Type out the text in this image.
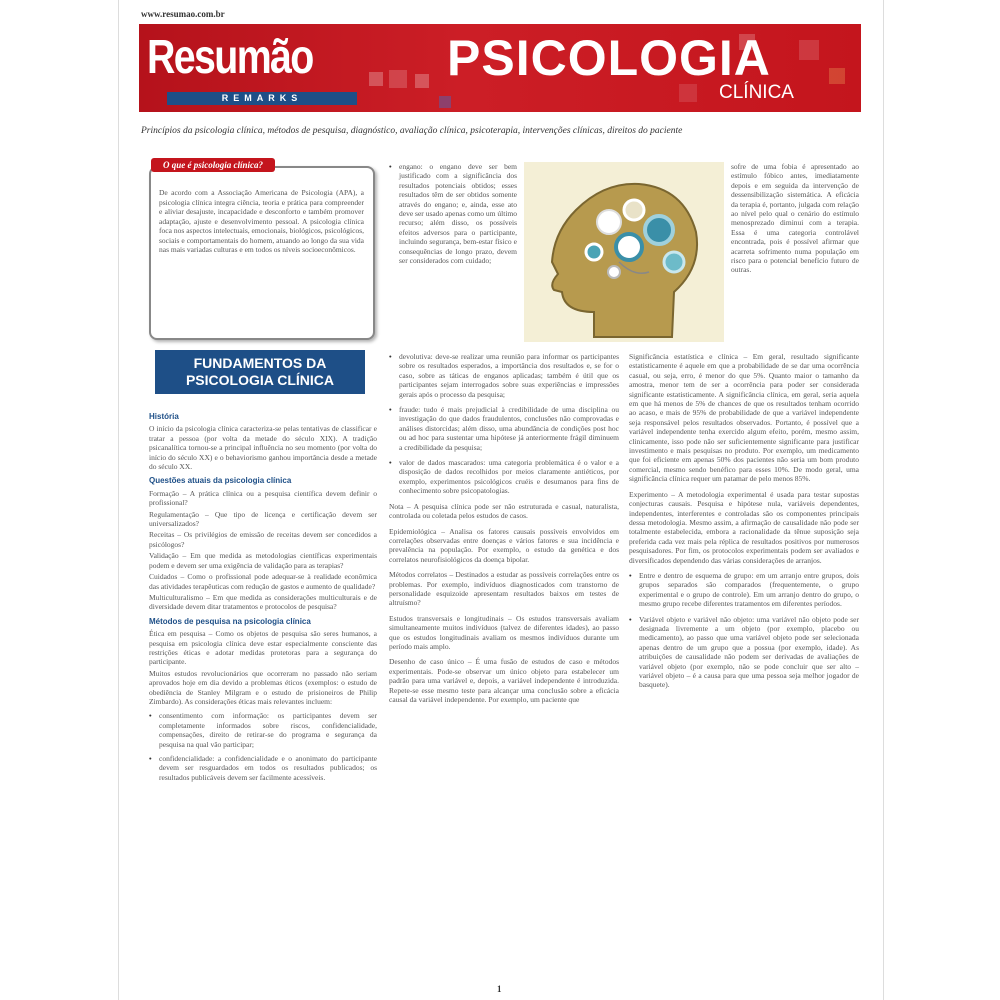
www.resumao.com.br
Resumão
REMARKS
PSICOLOGIA
CLÍNICA
Princípios da psicologia clínica, métodos de pesquisa, diagnóstico, avaliação clínica, psicoterapia, intervenções clínicas, direitos do paciente
O que é psicologia clínica?
De acordo com a Associação Americana de Psicologia (APA), a psicologia clínica integra ciência, teoria e prática para compreender e aliviar desajuste, incapacidade e desconforto e também promover adaptação, ajuste e desenvolvimento pessoal. A psicologia clínica foca nos aspectos intelectuais, emocionais, biológicos, psicológicos, sociais e comportamentais do homem, atuando ao longo da sua vida nas mais variadas culturas e em todos os níveis socioeconômicos.
FUNDAMENTOS DA
PSICOLOGIA CLÍNICA
História

O início da psicologia clínica caracteriza-se pelas tentativas de classificar e tratar a pessoa (por volta da metade do século XIX). A tradição psicanalítica tornou-se a principal influência no seu momento (por volta do início do século XX) e o behaviorismo ganhou importância desde a metade do século XX.

Questões atuais da psicologia clínica

Formação – A prática clínica ou a pesquisa científica devem definir o profissional?

Regulamentação – Que tipo de licença e certificação devem ser universalizados?

Receitas – Os privilégios de emissão de receitas devem ser concedidos a psicólogos?

Validação – Em que medida as metodologias científicas experimentais podem e devem ser uma exigência de validação para as terapias?

Cuidados – Como o profissional pode adequar-se à realidade econômica das atividades terapêuticas com redução de gastos e aumento de qualidade?

Multiculturalismo – Em que medida as considerações multiculturais e de diversidade devem ditar tratamentos e protocolos de pesquisa?

Métodos de pesquisa na psicologia clínica

Ética em pesquisa – Como os objetos de pesquisa são seres humanos, a pesquisa em psicologia clínica deve estar especialmente consciente das restrições éticas e adotar medidas protetoras para a segurança do participante.

Muitos estudos revolucionários que ocorreram no passado não seriam aprovados hoje em dia devido a problemas éticos (exemplos: o estudo de obediência de Stanley Milgram e o estudo de prisioneiros de Philip Zimbardo). As considerações éticas mais relevantes incluem:

• consentimento com informação: os participantes devem ser completamente informados sobre riscos, confidencialidade, compensações, direito de retirar-se do programa e segurança da pesquisa na qual vão participar;

• confidencialidade: a confidencialidade e o anonimato do participante devem ser resguardados em todos os resultados publicados; os resultados publicáveis devem ser facilmente acessíveis.

• engano: o engano deve ser bem justificado com a significância dos resultados potenciais obtidos; esses resultados têm de ser obtidos somente através do engano; e, ainda, esse ato deve ser usado apenas como um último recurso; além disso, os possíveis efeitos adversos para o participante, incluindo segurança, bem-estar físico e consequências de longo prazo, devem ser considerados com cuidado;

• devolutiva: deve-se realizar uma reunião para informar os participantes sobre os resultados esperados, a importância dos resultados e, se for o caso, sobre as táticas de enganos aplicadas; também é útil que os participantes sejam interrogados sobre suas experiências e impressões gerais após o processo da pesquisa;

• fraude: tudo é mais prejudicial à credibilidade de uma disciplina ou investigação do que dados fraudulentos, conclusões não comprovadas e análises distorcidas; além disso, uma abundância de condições post hoc ou ad hoc para sustentar uma hipótese já anteriormente frágil diminuem a credibilidade da pesquisa;

• valor de dados mascarados: uma categoria problemática é o valor e a disposição de dados recolhidos por meios claramente antiéticos, por exemplo, experimentos psicológicos cruéis e desumanos para fins de conhecimento sobre psicopatologias.

Nota – A pesquisa clínica pode ser não estruturada e casual, naturalista, controlada ou coletada pelos estudos de casos.

Epidemiológica – Analisa os fatores causais possíveis envolvidos em correlações observadas entre doenças e vários fatores e sua incidência e prevalência na população. Por exemplo, o estudo da genética e dos correlatos neurofisiológicos da doença bipolar.

Métodos correlatos – Destinados a estudar as possíveis correlações entre os problemas. Por exemplo, indivíduos diagnosticados com transtorno de personalidade esquizoide apresentam resultados baixos em testes de altruísmo?

Estudos transversais e longitudinais – Os estudos transversais avaliam simultaneamente muitos indivíduos (talvez de diferentes idades), ao passo que os estudos longitudinais avaliam os mesmos indivíduos durante um período mais amplo.

Desenho de caso único – É uma fusão de estudos de caso e métodos experimentais. Pode-se observar um único objeto para estabelecer um padrão para uma variável e, depois, a variável independente é introduzida. Repete-se esse mesmo teste para alcançar uma conclusão sobre a eficácia causal da variável independente. Por exemplo, um paciente que

sofre de uma fobia é apresentado ao estímulo fóbico antes, imediatamente depois e em seguida da intervenção de dessensibilização sistemática. A eficácia da terapia é, portanto, julgada com relação ao nível pelo qual o cenário do estímulo menosprezado diminui com a terapia. Essa é uma categoria controlável encontrada, pois é possível afirmar que acarreta sofrimento numa população em risco para o potencial benefício futuro de outras.

Significância estatística e clínica – Em geral, resultado significante estatisticamente é aquele em que a probabilidade de se dar uma ocorrência casual, ou seja, erro, é menor do que 5%. Quanto maior o tamanho da amostra, menor tem de ser a ocorrência para poder ser considerada significante estatisticamente. A significância clínica, em geral, seria aquela em que há menos de 5% de chances de que os resultados tenham ocorrido ao acaso, e mais de 95% de probabilidade de que a variável independente seja responsável pelos resultados observados. Portanto, é possível que a variável independente tenha exercido algum efeito, porém, mesmo assim, clinicamente, isso pode não ser suficientemente significante para justificar investimento e mais pesquisas no produto. Por exemplo, um medicamento que foi eficiente em apenas 50% dos pacientes não seria um bom produto comercial, mesmo sendo benéfico para esses 10%. De modo geral, uma significância clínica requer um patamar de pelo menos 85%.

Experimento – A metodologia experimental é usada para testar supostas conjecturas causais. Pesquisa e hipótese nula, variáveis dependentes, independentes, interferentes e controladas são os componentes principais dessa metodologia. Mesmo assim, a afirmação de causalidade não pode ser totalmente estabelecida, embora a racionalidade da tênue suposição seja preferida cada vez mais pela réplica de resultados positivos por numerosos pesquisadores. Por fim, os protocolos experimentais podem ser avaliados e diversificados dependendo das várias considerações de arranjos.

• Entre e dentro de esquema de grupo: em um arranjo entre grupos, dois grupos separados são comparados (frequentemente, o grupo experimental e o grupo de controle). Em um arranjo dentro do grupo, o mesmo grupo recebe diferentes tratamentos em diferentes períodos.

• Variável objeto e variável não objeto: uma variável não objeto pode ser designada livremente a um objeto (por exemplo, placebo ou medicamento), ao passo que uma variável objeto pode ser selecionada apenas dentro de um grupo que a possua (por exemplo, idade). As atribuições de causalidade não podem ser derivadas de avaliações de variável objeto (por exemplo, não se pode concluir que ser alto – variável objeto – é a causa para que uma pessoa seja melhor jogador de basquete).

1
